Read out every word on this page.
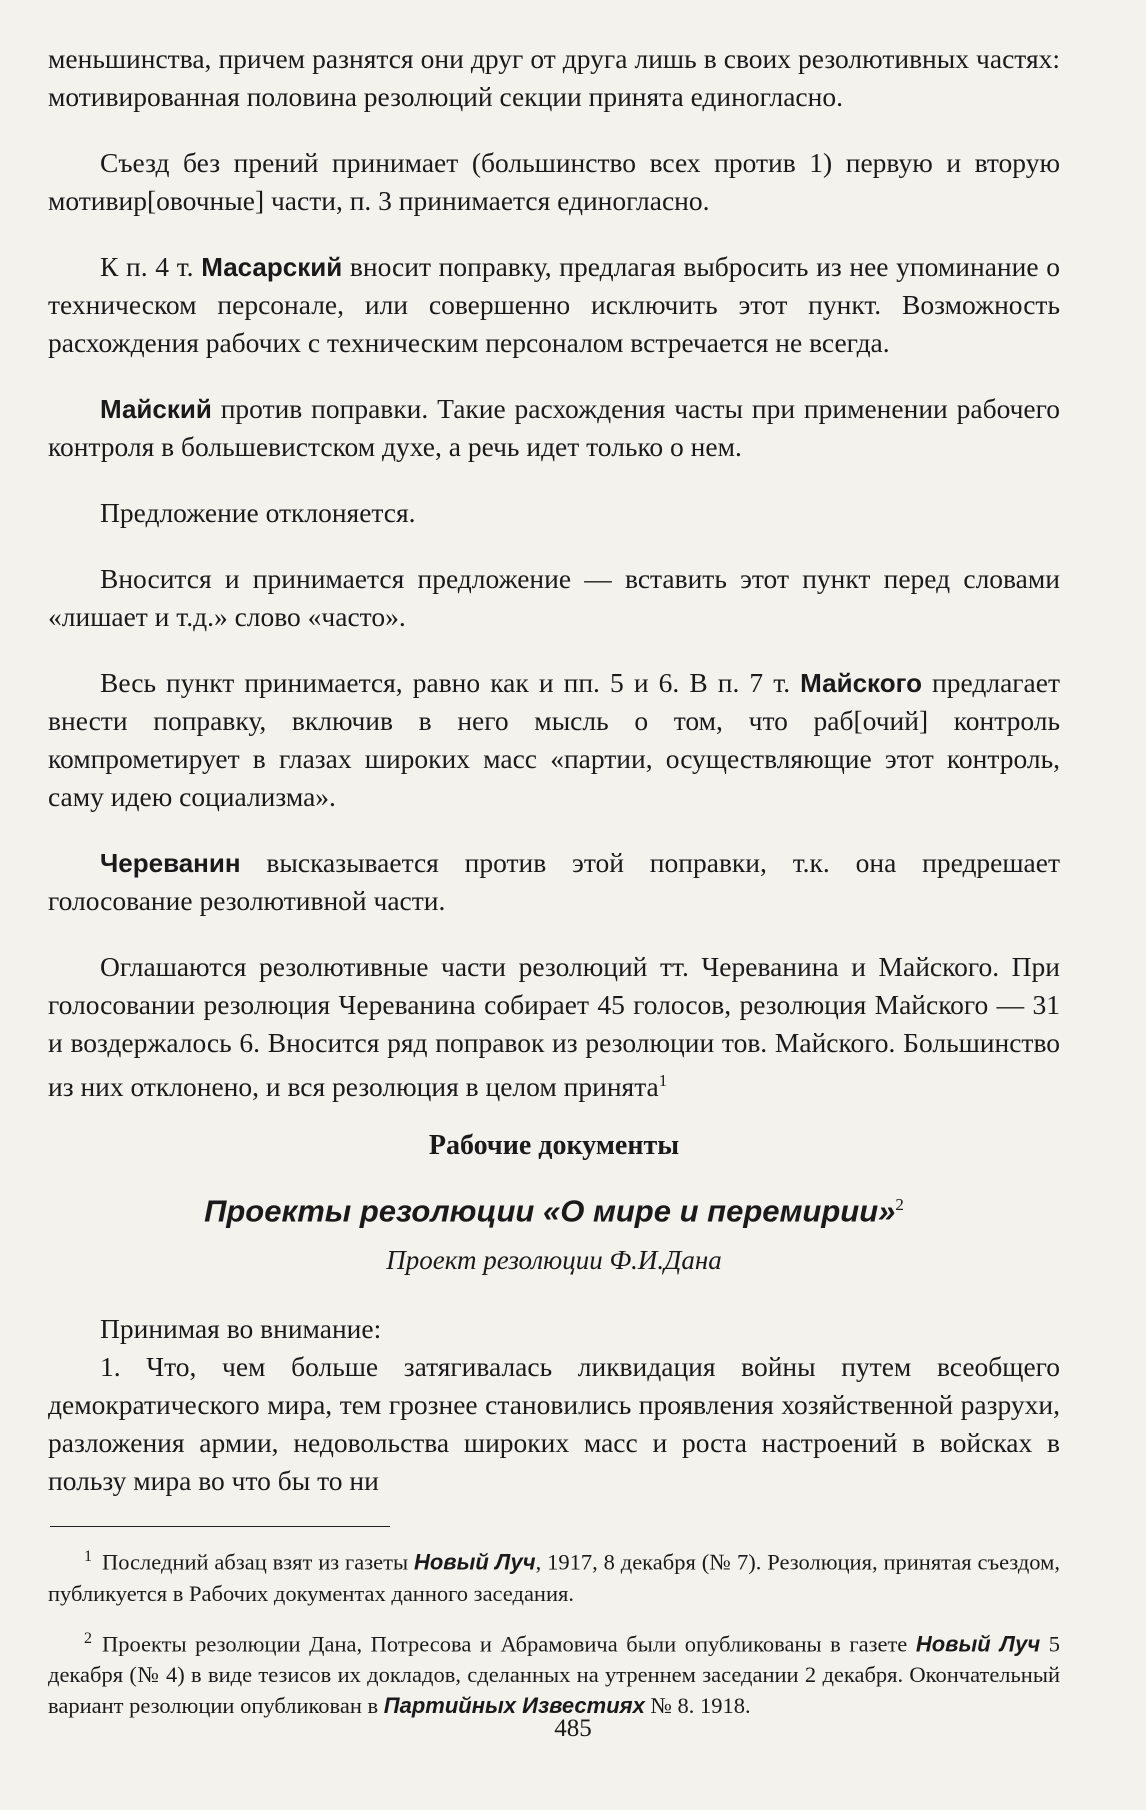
меньшинства, причем разнятся они друг от друга лишь в своих резолютивных частях: мотивированная половина резолюций секции принята единогласно.

Съезд без прений принимает (большинство всех против 1) первую и вторую мотивир[овочные] части, п. 3 принимается единогласно.

К п. 4 т. Масарский вносит поправку, предлагая выбросить из нее упоминание о техническом персонале, или совершенно исключить этот пункт. Возможность расхождения рабочих с техническим персоналом встречается не всегда.

Майский против поправки. Такие расхождения часты при применении рабочего контроля в большевистском духе, а речь идет только о нем.

Предложение отклоняется.

Вносится и принимается предложение — вставить этот пункт перед словами «лишает и т.д.» слово «часто».

Весь пункт принимается, равно как и пп. 5 и 6. В п. 7 т. Майского предлагает внести поправку, включив в него мысль о том, что раб[очий] контроль компрометирует в глазах широких масс «партии, осуществляющие этот контроль, саму идею социализма».

Череванин высказывается против этой поправки, т.к. она предрешает голосование резолютивной части.

Оглашаются резолютивные части резолюций тт. Череванина и Майского. При голосовании резолюция Череванина собирает 45 голосов, резолюция Майского — 31 и воздержалось 6. Вносится ряд поправок из резолюции тов. Майского. Большинство из них отклонено, и вся резолюция в целом принята$^1$

Рабочие документы
Проекты резолюции «О мире и перемирии»$^2$
Проект резолюции Ф.И.Дана

Принимая во внимание:

1. Что, чем больше затягивалась ликвидация войны путем всеобщего демократического мира, тем грознее становились проявления хозяйственной разрухи, разложения армии, недовольства широких масс и роста настроений в войсках в пользу мира во что бы то ни

$^1$ Последний абзац взят из газеты Новый Луч, 1917, 8 декабря (№ 7). Резолюция, принятая съездом, публикуется в Рабочих документах данного заседания.

$^2$ Проекты резолюции Дана, Потресова и Абрамовича были опубликованы в газете Новый Луч 5 декабря (№ 4) в виде тезисов их докладов, сделанных на утреннем заседании 2 декабря. Окончательный вариант резолюции опубликован в Партийных Известиях № 8. 1918.

485
